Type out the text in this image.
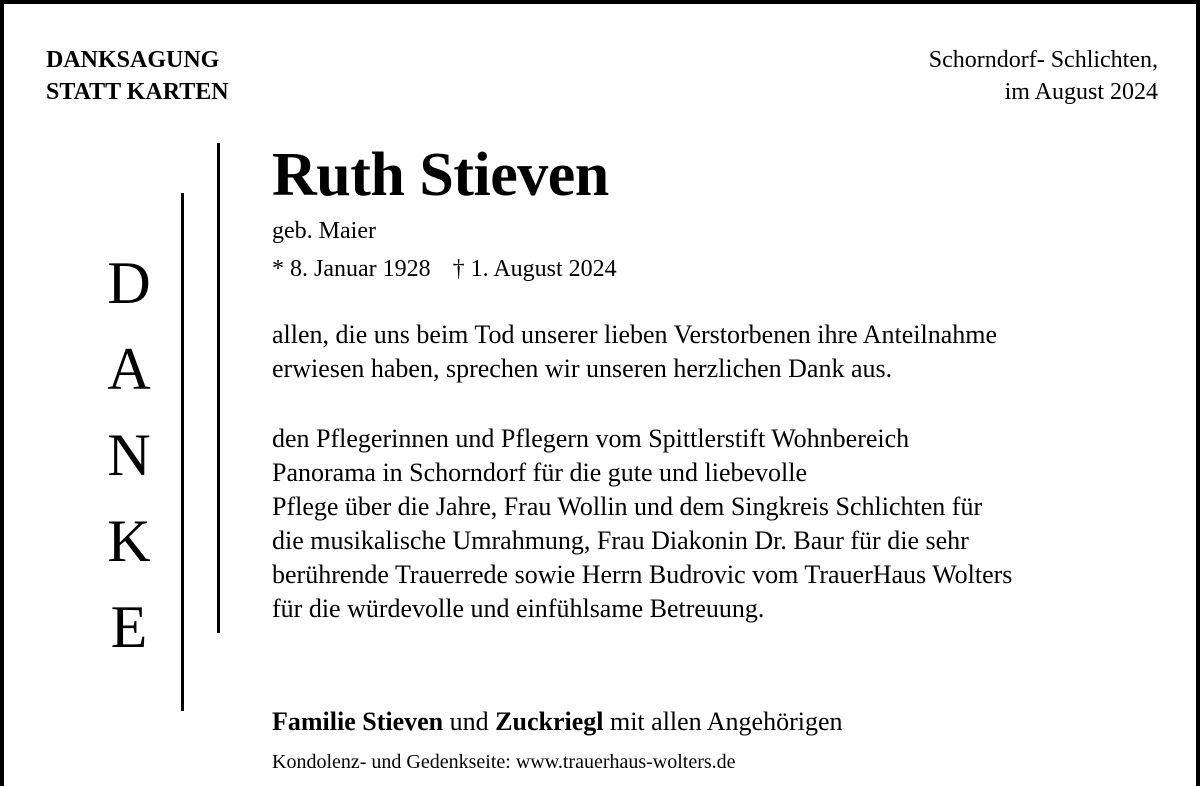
DANKSAGUNG
STATT KARTEN
Schorndorf- Schlichten,
im August 2024
D
A
N
K
E
Ruth Stieven
geb. Maier
* 8. Januar 1928 † 1. August 2024
allen, die uns beim Tod unserer lieben Verstorbenen ihre Anteilnahme
erwiesen haben, sprechen wir unseren herzlichen Dank aus.
den Pflegerinnen und Pflegern vom Spittlerstift Wohnbereich
Panorama in Schorndorf für die gute und liebevolle
Pflege über die Jahre, Frau Wollin und dem Singkreis Schlichten für
die musikalische Umrahmung, Frau Diakonin Dr. Baur für die sehr
berührende Trauerrede sowie Herrn Budrovic vom TrauerHaus Wolters
für die würdevolle und einfühlsame Betreuung.
Familie Stieven und Zuckriegl mit allen Angehörigen
Kondolenz- und Gedenkseite: www.trauerhaus-wolters.de
